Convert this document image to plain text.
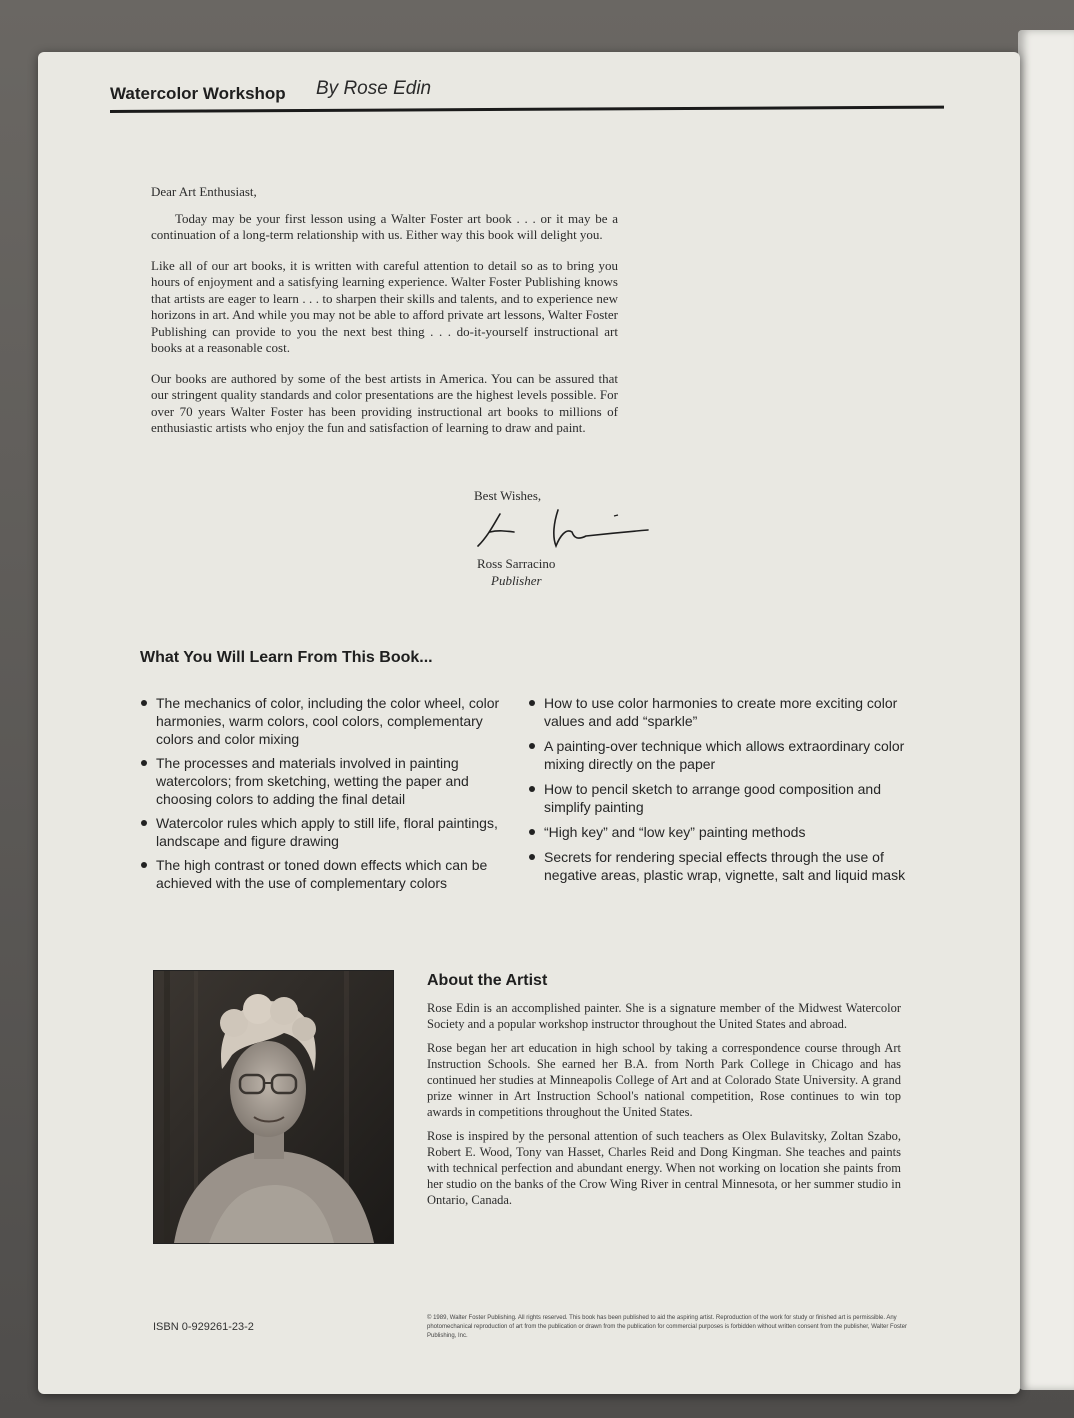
Watercolor Workshop By Rose Edin

Dear Art Enthusiast,

Today may be your first lesson using a Walter Foster art book . . . or it may be a continuation of a long-term relationship with us. Either way this book will delight you.

Like all of our art books, it is written with careful attention to detail so as to bring you hours of enjoyment and a satisfying learning experience. Walter Foster Publishing knows that artists are eager to learn . . . to sharpen their skills and talents, and to experience new horizons in art. And while you may not be able to afford private art lessons, Walter Foster Publishing can provide to you the next best thing . . . do-it-yourself instructional art books at a reasonable cost.

Our books are authored by some of the best artists in America. You can be assured that our stringent quality standards and color presentations are the highest levels possible. For over 70 years Walter Foster has been providing instructional art books to millions of enthusiastic artists who enjoy the fun and satisfaction of learning to draw and paint.

Best Wishes,
Ross Sarracino
Publisher
What You Will Learn From This Book...
The mechanics of color, including the color wheel, color harmonies, warm colors, cool colors, complementary colors and color mixing
The processes and materials involved in painting watercolors; from sketching, wetting the paper and choosing colors to adding the final detail
Watercolor rules which apply to still life, floral paintings, landscape and figure drawing
The high contrast or toned down effects which can be achieved with the use of complementary colors
How to use color harmonies to create more exciting color values and add “sparkle”
A painting-over technique which allows extraordinary color mixing directly on the paper
How to pencil sketch to arrange good composition and simplify painting
“High key” and “low key” painting methods
Secrets for rendering special effects through the use of negative areas, plastic wrap, vignette, salt and liquid mask
About the Artist

Rose Edin is an accomplished painter. She is a signature member of the Midwest Watercolor Society and a popular workshop instructor throughout the United States and abroad.

Rose began her art education in high school by taking a correspondence course through Art Instruction Schools. She earned her B.A. from North Park College in Chicago and has continued her studies at Minneapolis College of Art and at Colorado State University. A grand prize winner in Art Instruction School's national competition, Rose continues to win top awards in competitions throughout the United States.

Rose is inspired by the personal attention of such teachers as Olex Bulavitsky, Zoltan Szabo, Robert E. Wood, Tony van Hasset, Charles Reid and Dong Kingman. She teaches and paints with technical perfection and abundant energy. When not working on location she paints from her studio on the banks of the Crow Wing River in central Minnesota, or her summer studio in Ontario, Canada.

ISBN 0-929261-23-2
© 1989, Walter Foster Publishing. All rights reserved. This book has been published to aid the aspiring artist. Reproduction of the work for study or finished art is permissible. Any photomechanical reproduction of art from the publication or drawn from the publication for commercial purposes is forbidden without written consent from the publisher, Walter Foster Publishing, Inc.
